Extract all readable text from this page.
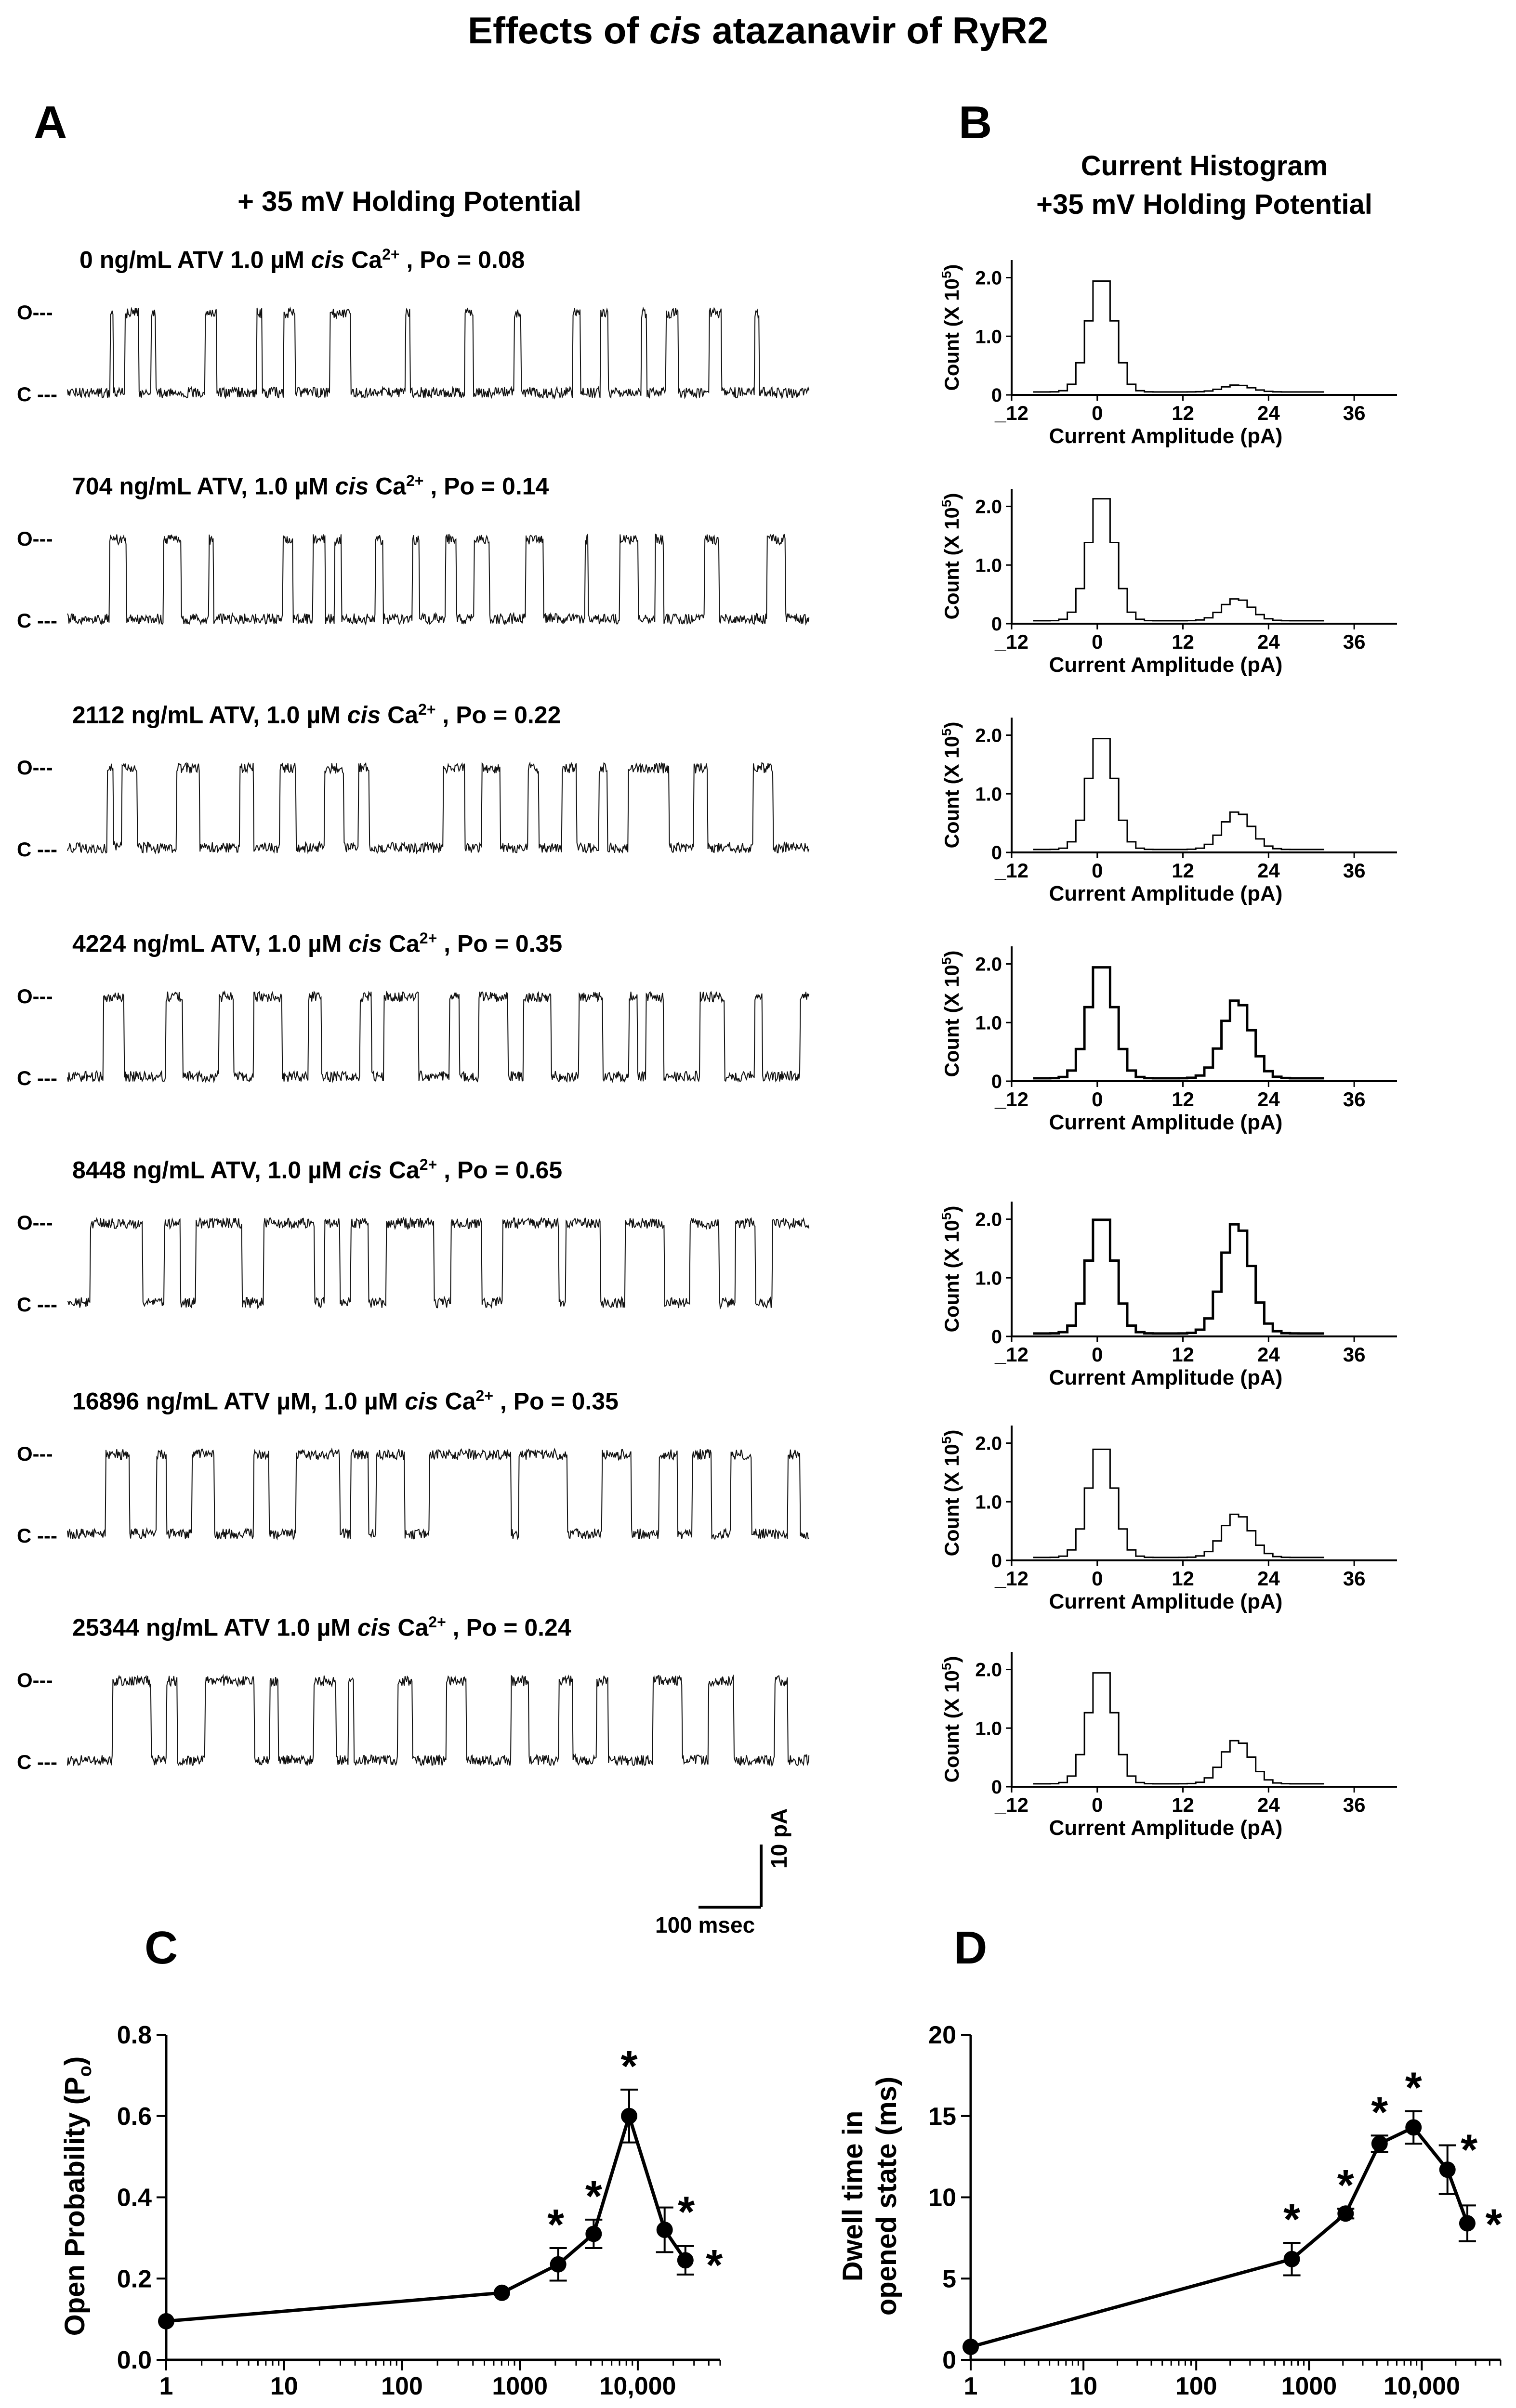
Effects of cis atazanavir of RyR2
A	B
C	D
+ 35 mV Holding Potential
Current Histogram
+35 mV Holding Potential
0 ng/mL ATV 1.0 µM cis $Ca^{2+}$ , Po = 0.08
O---
C ---
704 ng/mL ATV, 1.0 µM cis $Ca^{2+}$ , Po = 0.14
O---
C ---
2112 ng/mL ATV, 1.0 µM cis $Ca^{2+}$ , Po = 0.22
O---
C ---
4224 ng/mL ATV, 1.0 µM cis $Ca^{2+}$ , Po = 0.35
O---
C ---
8448 ng/mL ATV, 1.0 µM cis $Ca^{2+}$ , Po = 0.65
O---
C ---
16896 ng/mL ATV µM, 1.0 µM cis $Ca^{2+}$ , Po = 0.35
O---
C ---
25344 ng/mL ATV 1.0 µM cis $Ca^{2+}$ , Po = 0.24
O---
C ---
100 msec
10 pA
_12	0	12	24	36
0
1.0
2.0
Current Amplitude (pA)
Count (X $10^5$)
_12	0	12	24	36
0
1.0
2.0
Current Amplitude (pA)
Count (X $10^5$)
_12	0	12	24	36
0
1.0
2.0
Current Amplitude (pA)
Count (X $10^5$)
_12	0	12	24	36
0
1.0
2.0
Current Amplitude (pA)
Count (X $10^5$)
_12	0	12	24	36
0
1.0
2.0
Current Amplitude (pA)
Count (X $10^5$)
_12	0	12	24	36
0
1.0
2.0
Current Amplitude (pA)
Count (X $10^5$)
_12	0	12	24	36
0
1.0
2.0
Current Amplitude (pA)
Count (X $10^5$)
1	10	100	1000 10,000
0.0
0.2
0.4
0.6
0.8
*
*
*
*
*
Open Probability $(P_o)$
1	10	100	1000 10,000
0
5
10
15
20
*
*
*
*
*
*
Dwell time in opened state (ms)
